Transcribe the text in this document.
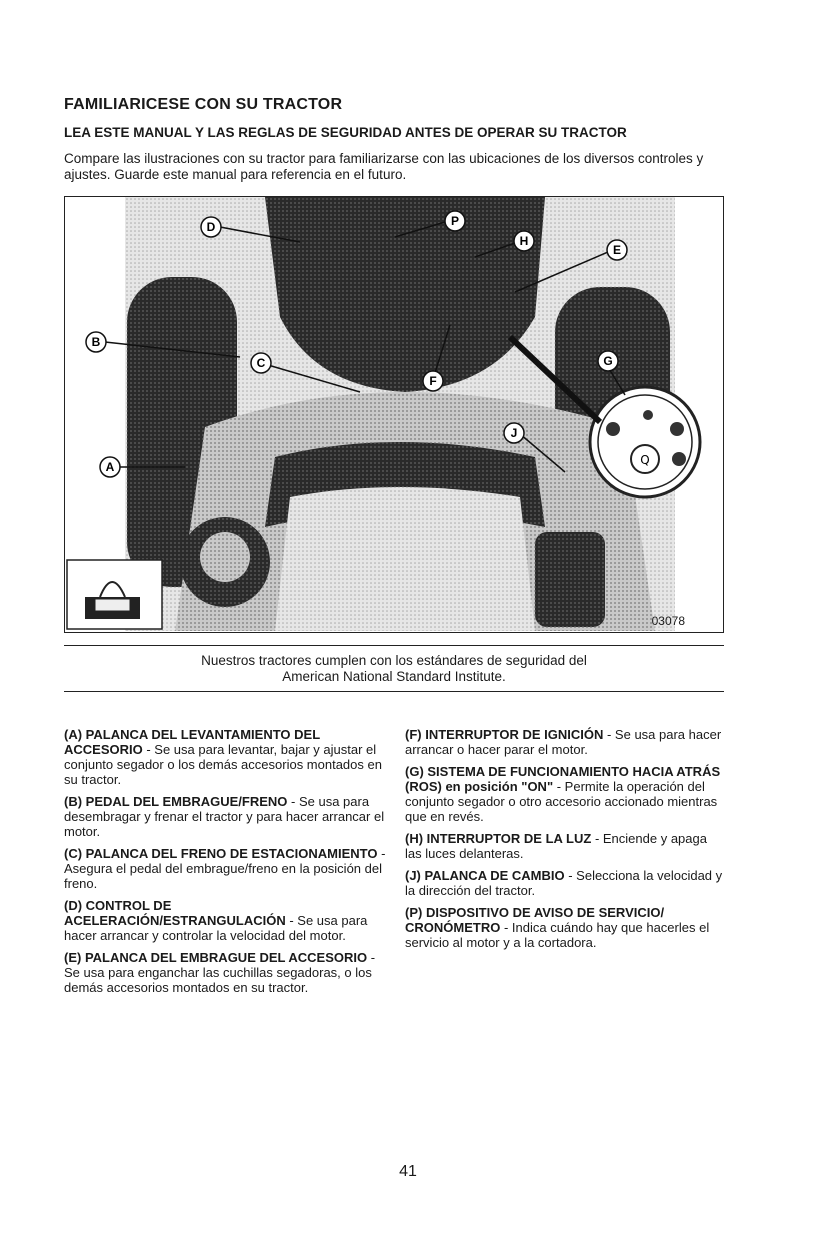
FAMILIARICESE CON SU TRACTOR
LEA ESTE MANUAL Y LAS REGLAS DE SEGURIDAD ANTES DE OPERAR SU TRACTOR
Compare las ilustraciones con su tractor para familiarizarse con las ubicaciones de los diversos controles y ajustes. Guarde este manual para referencia en el futuro.
Q
D	P
H
E
B
C
F
A
J
G
03078
Nuestros tractores cumplen con los estándares de seguridad del
American National Standard Institute.
(A) PALANCA DEL LEVANTAMIENTO DEL ACCESORIO - Se usa para levantar, bajar y ajustar el conjunto segador o los demás accesorios montados en su tractor.
(B) PEDAL DEL EMBRAGUE/FRENO - Se usa para desembragar y frenar el tractor y para hacer arrancar el motor.
(C) PALANCA DEL FRENO DE ESTACIONAMIENTO - Asegura el pedal del embrague/freno en la posición del freno.
(D) CONTROL DE ACELERACIÓN/ESTRANGULACIÓN - Se usa para hacer arrancar y controlar la velocidad del motor.
(E) PALANCA DEL EMBRAGUE DEL ACCESORIO - Se usa para enganchar las cuchillas segadoras, o los demás accesorios montados en su tractor.
(F) INTERRUPTOR DE IGNICIÓN - Se usa para hacer arrancar o hacer parar el motor.
(G) SISTEMA DE FUNCIONAMIENTO HACIA ATRÁS (ROS) en posición "ON" - Permite la operación del conjunto segador o otro accesorio accionado mientras que en revés.
(H) INTERRUPTOR DE LA LUZ - Enciende y apaga las luces delanteras.
(J) PALANCA DE CAMBIO - Selecciona la velocidad y la dirección del tractor.
(P) DISPOSITIVO DE AVISO DE SERVICIO/ CRONÓMETRO - Indica cuándo hay que hacerles el servicio al motor y a la cortadora.
41
